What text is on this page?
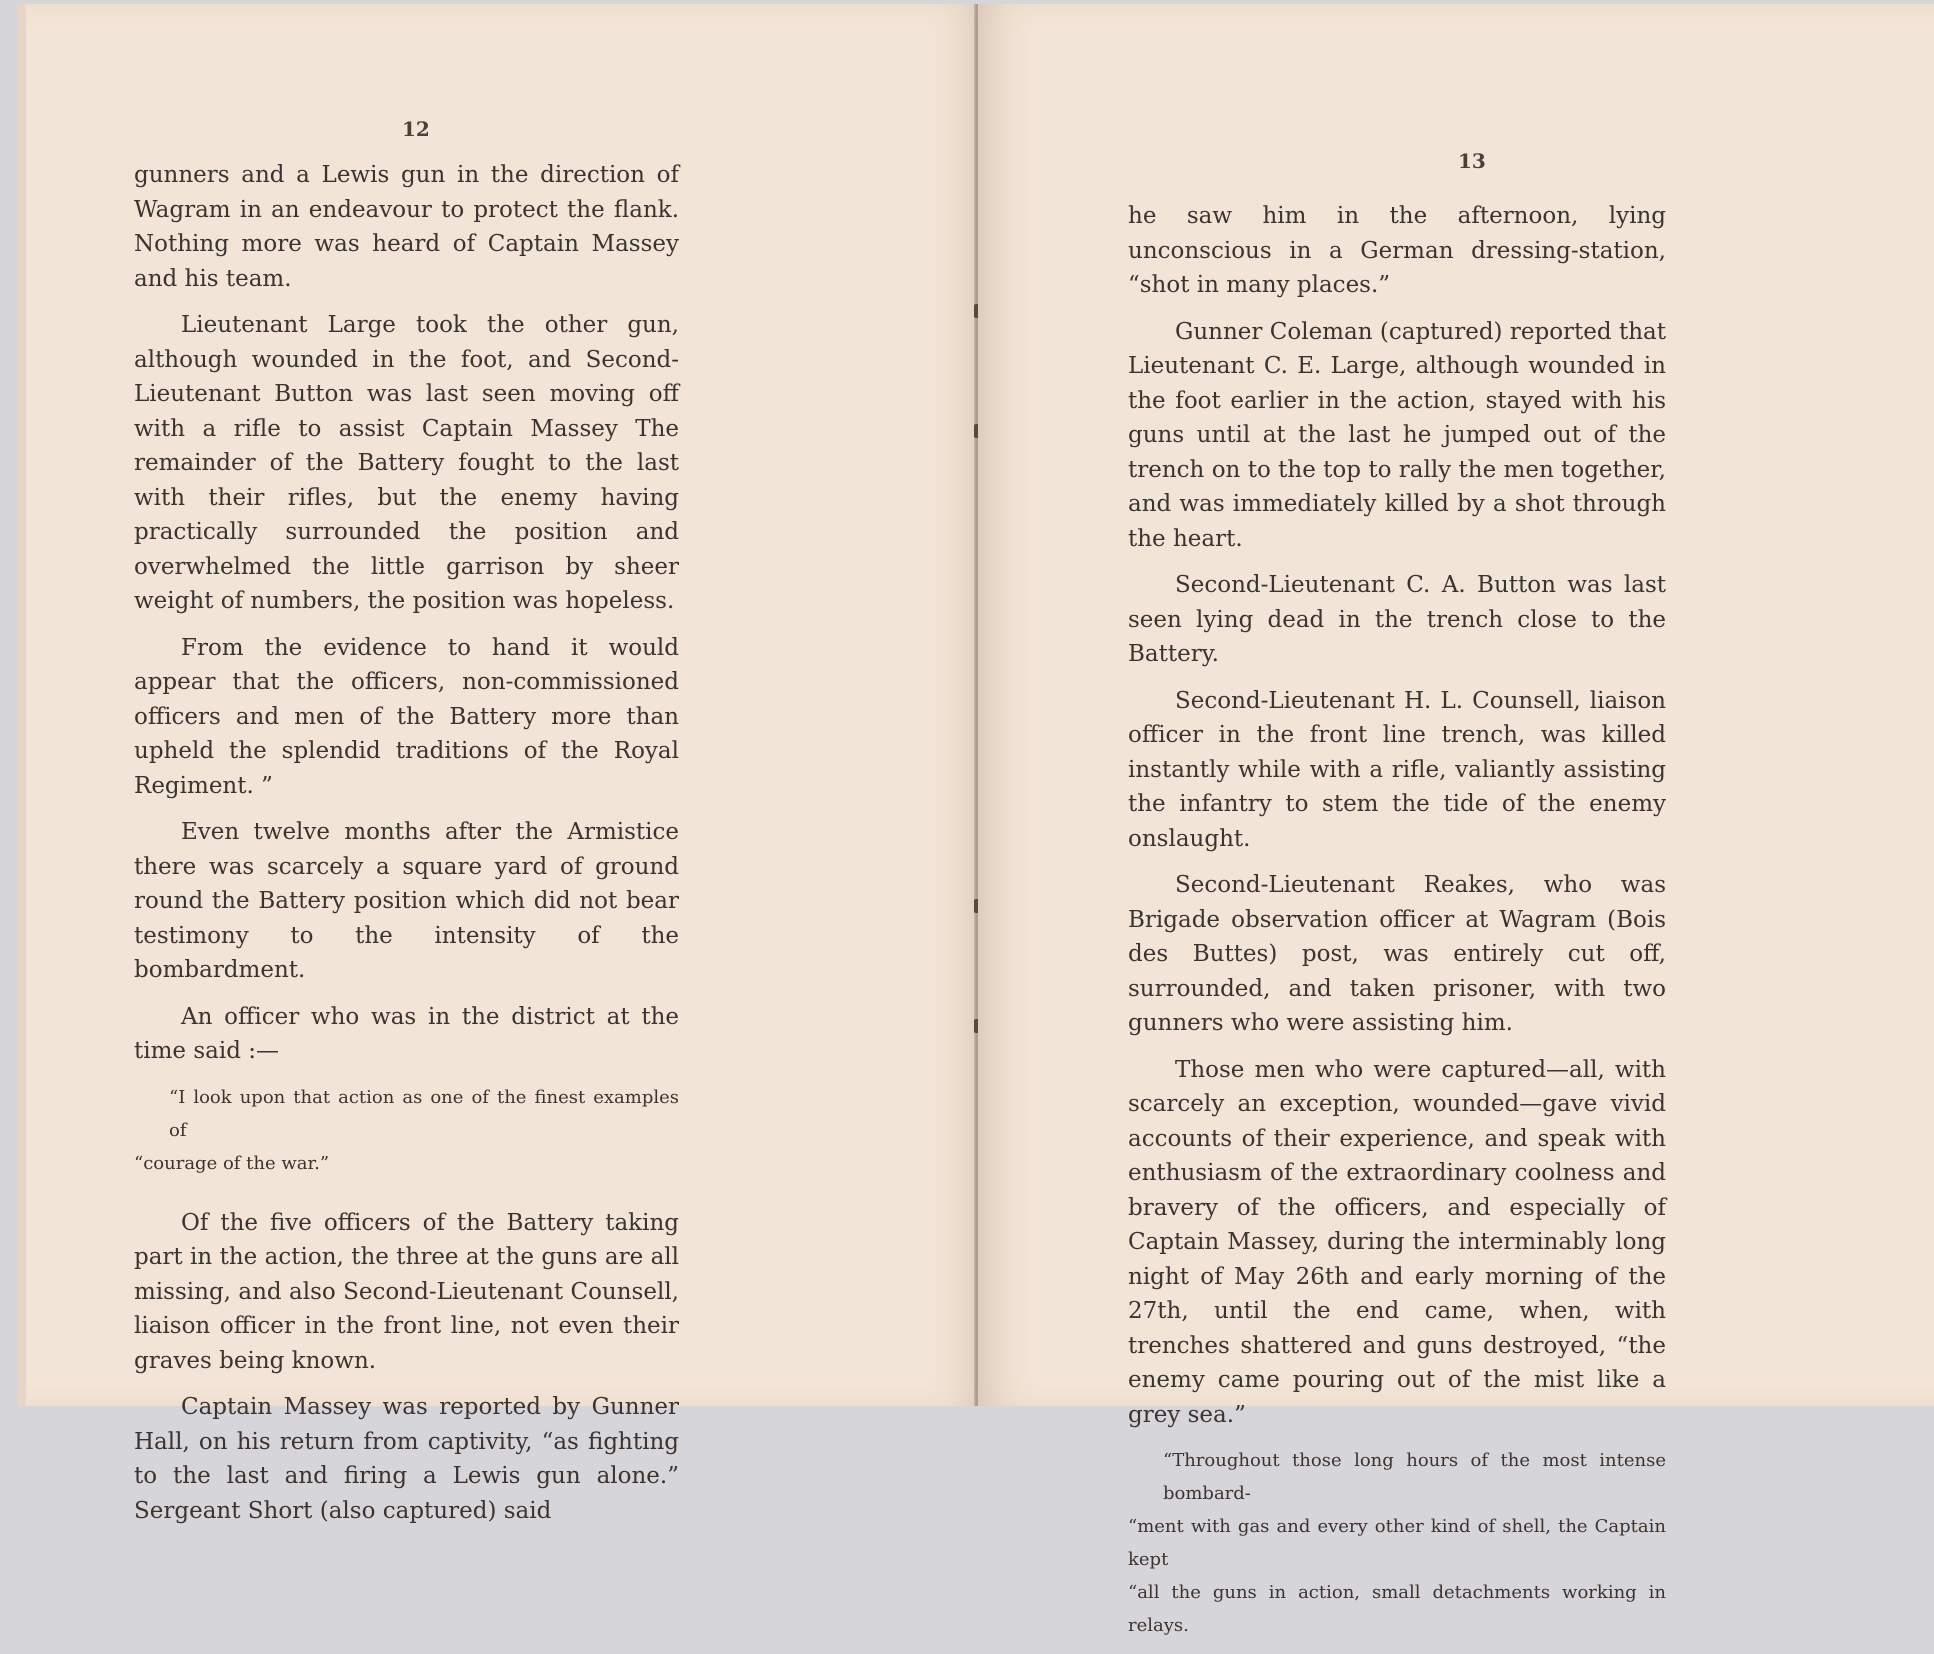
12

gunners and a Lewis gun in the direction of Wagram in an endeavour to protect the flank. Nothing more was heard of Captain Massey and his team.

Lieutenant Large took the other gun, although wounded in the foot, and Second-Lieutenant Button was last seen moving off with a rifle to assist Captain Massey The remainder of the Battery fought to the last with their rifles, but the enemy having practically surrounded the position and overwhelmed the little garrison by sheer weight of numbers, the position was hopeless.

From the evidence to hand it would appear that the officers, non-commissioned officers and men of the Battery more than upheld the splendid traditions of the Royal Regiment. ”

Even twelve months after the Armistice there was scarcely a square yard of ground round the Battery position which did not bear testimony to the intensity of the bombardment.

An officer who was in the district at the time said :—

“I look upon that action as one of the finest examples of
“courage of the war.”

Of the five officers of the Battery taking part in the action, the three at the guns are all missing, and also Second-Lieutenant Counsell, liaison officer in the front line, not even their graves being known.

Captain Massey was reported by Gunner Hall, on his return from captivity, “as fighting to the last and firing a Lewis gun alone.” Sergeant Short (also captured) said

13

he saw him in the afternoon, lying unconscious in a German dressing-station, “shot in many places.”

Gunner Coleman (captured) reported that Lieutenant C. E. Large, although wounded in the foot earlier in the action, stayed with his guns until at the last he jumped out of the trench on to the top to rally the men together, and was immediately killed by a shot through the heart.

Second-Lieutenant C. A. Button was last seen lying dead in the trench close to the Battery.

Second-Lieutenant H. L. Counsell, liaison officer in the front line trench, was killed instantly while with a rifle, valiantly assisting the infantry to stem the tide of the enemy onslaught.

Second-Lieutenant Reakes, who was Brigade observation officer at Wagram (Bois des Buttes) post, was entirely cut off, surrounded, and taken prisoner, with two gunners who were assisting him.

Those men who were captured—all, with scarcely an exception, wounded—gave vivid accounts of their experience, and speak with enthusiasm of the extraordinary coolness and bravery of the officers, and especially of Captain Massey, during the interminably long night of May 26th and early morning of the 27th, until the end came, when, with trenches shattered and guns destroyed, “the enemy came pouring out of the mist like a grey sea.”

“Throughout those long hours of the most intense bombard-
“ment with gas and every other kind of shell, the Captain kept
“all the guns in action, small detachments working in relays.
